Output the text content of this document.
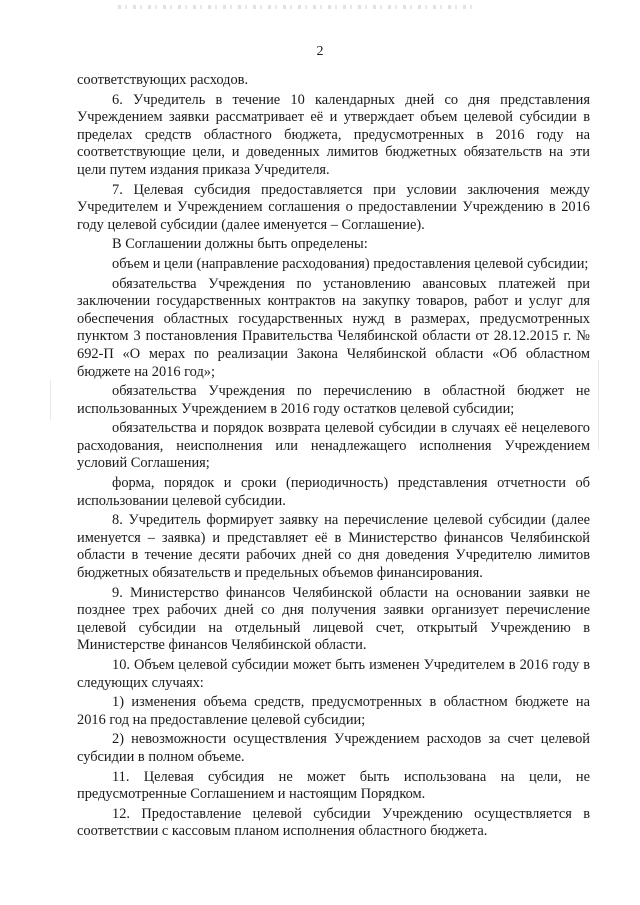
2

соответствующих расходов.

6. Учредитель в течение 10 календарных дней со дня представления Учреждением заявки рассматривает её и утверждает объем целевой субсидии в пределах средств областного бюджета, предусмотренных в 2016 году на соответствующие цели, и доведенных лимитов бюджетных обязательств на эти цели путем издания приказа Учредителя.

7. Целевая субсидия предоставляется при условии заключения между Учредителем и Учреждением соглашения о предоставлении Учреждению в 2016 году целевой субсидии (далее именуется – Соглашение).

В Соглашении должны быть определены:

объем и цели (направление расходования) предоставления целевой субсидии;

обязательства Учреждения по установлению авансовых платежей при заключении государственных контрактов на закупку товаров, работ и услуг для обеспечения областных государственных нужд в размерах, предусмотренных пунктом 3 постановления Правительства Челябинской области от 28.12.2015 г. № 692-П «О мерах по реализации Закона Челябинской области «Об областном бюджете на 2016 год»;

обязательства Учреждения по перечислению в областной бюджет не использованных Учреждением в 2016 году остатков целевой субсидии;

обязательства и порядок возврата целевой субсидии в случаях её нецелевого расходования, неисполнения или ненадлежащего исполнения Учреждением условий Соглашения;

форма, порядок и сроки (периодичность) представления отчетности об использовании целевой субсидии.

8. Учредитель формирует заявку на перечисление целевой субсидии (далее именуется – заявка) и представляет её в Министерство финансов Челябинской области в течение десяти рабочих дней со дня доведения Учредителю лимитов бюджетных обязательств и предельных объемов финансирования.

9. Министерство финансов Челябинской области на основании заявки не позднее трех рабочих дней со дня получения заявки организует перечисление целевой субсидии на отдельный лицевой счет, открытый Учреждению в Министерстве финансов Челябинской области.

10. Объем целевой субсидии может быть изменен Учредителем в 2016 году в следующих случаях:

1) изменения объема средств, предусмотренных в областном бюджете на 2016 год на предоставление целевой субсидии;

2) невозможности осуществления Учреждением расходов за счет целевой субсидии в полном объеме.

11. Целевая субсидия не может быть использована на цели, не предусмотренные Соглашением и настоящим Порядком.

12. Предоставление целевой субсидии Учреждению осуществляется в соответствии с кассовым планом исполнения областного бюджета.
